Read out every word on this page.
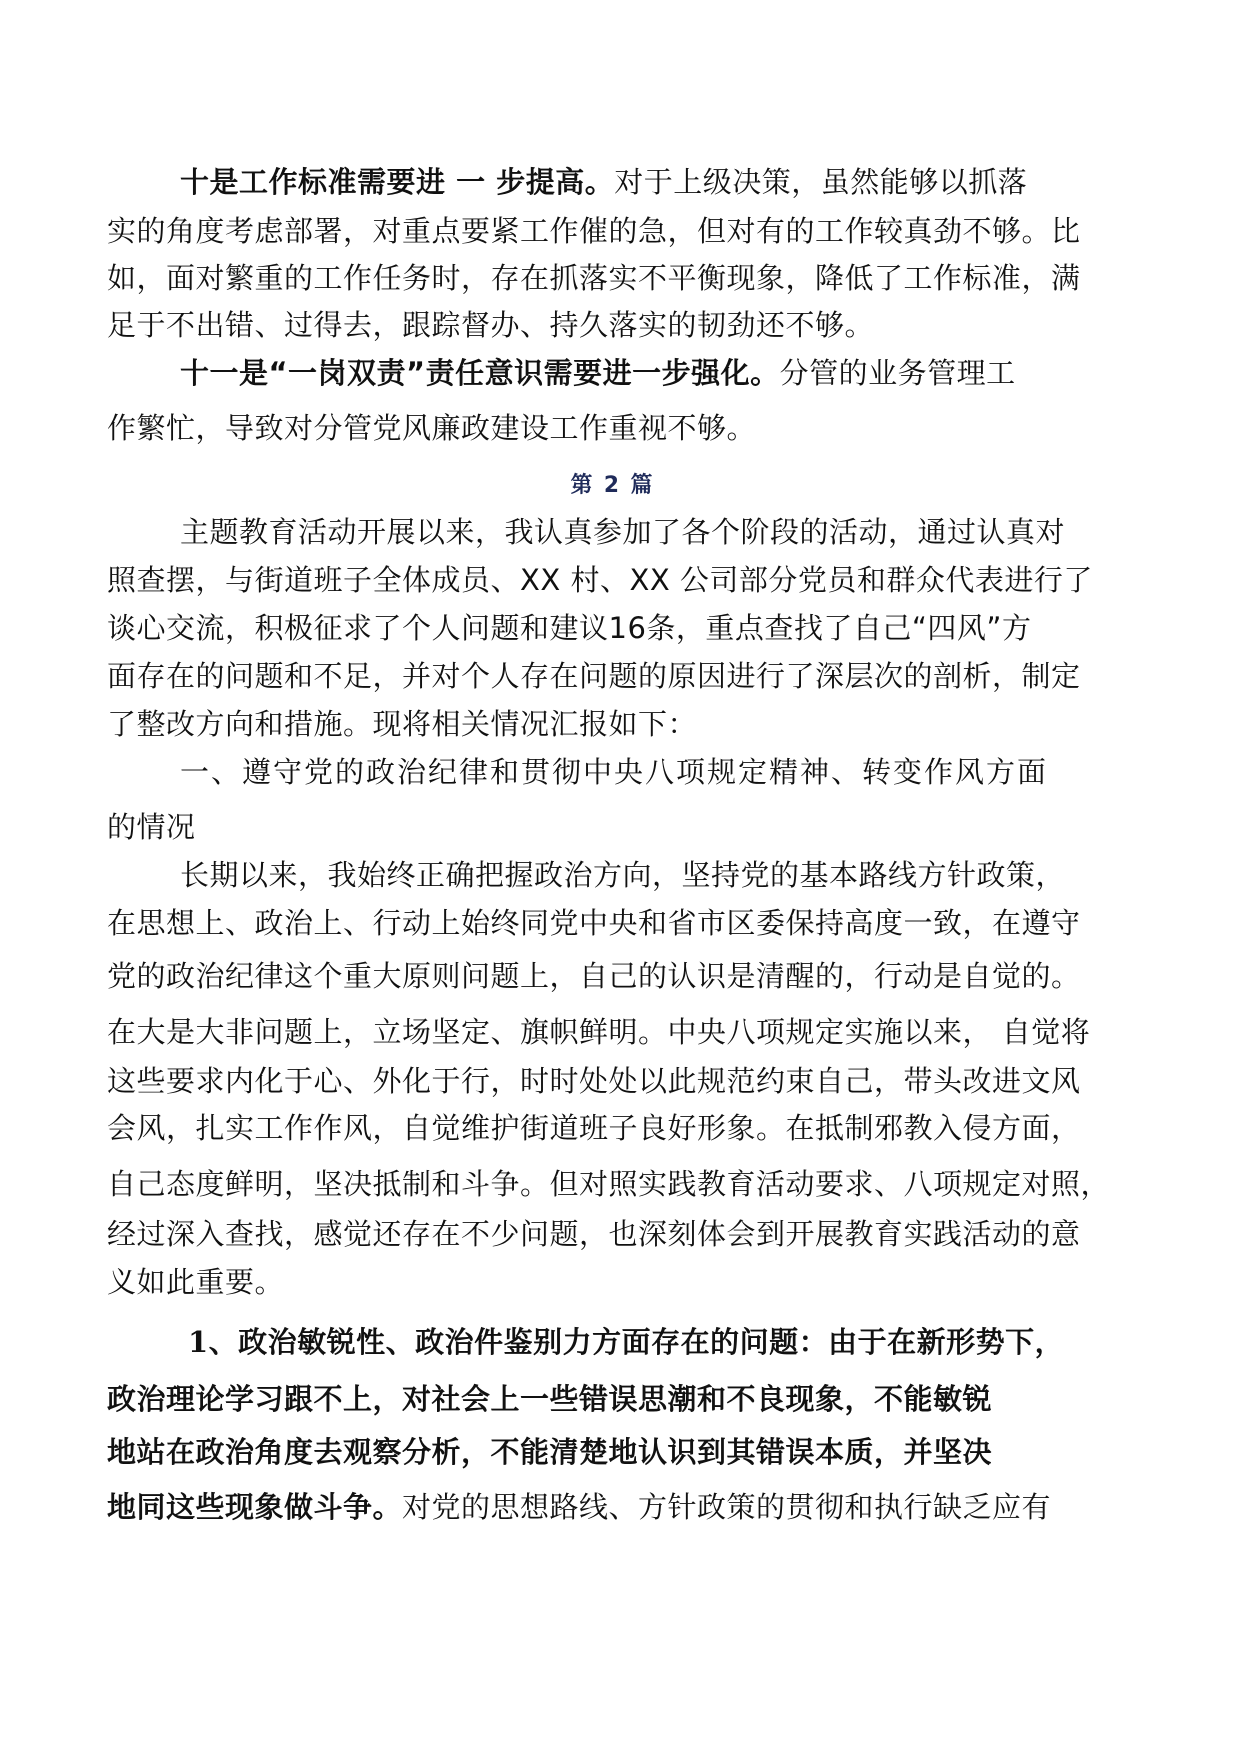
十是工作标准需要进 一 步提高。对于上级决策，虽然能够以抓落
实的角度考虑部署，对重点要紧工作催的急，但对有的工作较真劲不够。比
如，面对繁重的工作任务时，存在抓落实不平衡现象，降低了工作标准，满
足于不出错、过得去，跟踪督办、持久落实的韧劲还不够。
十一是“一岗双责”责任意识需要进一步强化。分管的业务管理工
作繁忙，导致对分管党风廉政建设工作重视不够。
第 2 篇
主题教育活动开展以来，我认真参加了各个阶段的活动，通过认真对
照查摆，与街道班子全体成员、XX 村、XX 公司部分党员和群众代表进行了
谈心交流，积极征求了个人问题和建议16条，重点查找了自己“四风”方
面存在的问题和不足，并对个人存在问题的原因进行了深层次的剖析，制定
了整改方向和措施。现将相关情况汇报如下：
一、遵守党的政治纪律和贯彻中央八项规定精神、转变作风方面
的情况
长期以来，我始终正确把握政治方向，坚持党的基本路线方针政策，
在思想上、政治上、行动上始终同党中央和省市区委保持高度一致，在遵守
党的政治纪律这个重大原则问题上，自己的认识是清醒的，行动是自觉的。
在大是大非问题上，立场坚定、旗帜鲜明。中央八项规定实施以来， 自觉将
这些要求内化于心、外化于行，时时处处以此规范约束自己，带头改进文风
会风，扎实工作作风，自觉维护街道班子良好形象。在抵制邪教入侵方面，
自己态度鲜明，坚决抵制和斗争。但对照实践教育活动要求、八项规定对照，
经过深入查找，感觉还存在不少问题，也深刻体会到开展教育实践活动的意
义如此重要。
1、政治敏锐性、政治件鉴别力方面存在的问题：由于在新形势下，
政治理论学习跟不上，对社会上一些错误思潮和不良现象，不能敏锐
地站在政治角度去观察分析，不能清楚地认识到其错误本质，并坚决
地同这些现象做斗争。对党的思想路线、方针政策的贯彻和执行缺乏应有
